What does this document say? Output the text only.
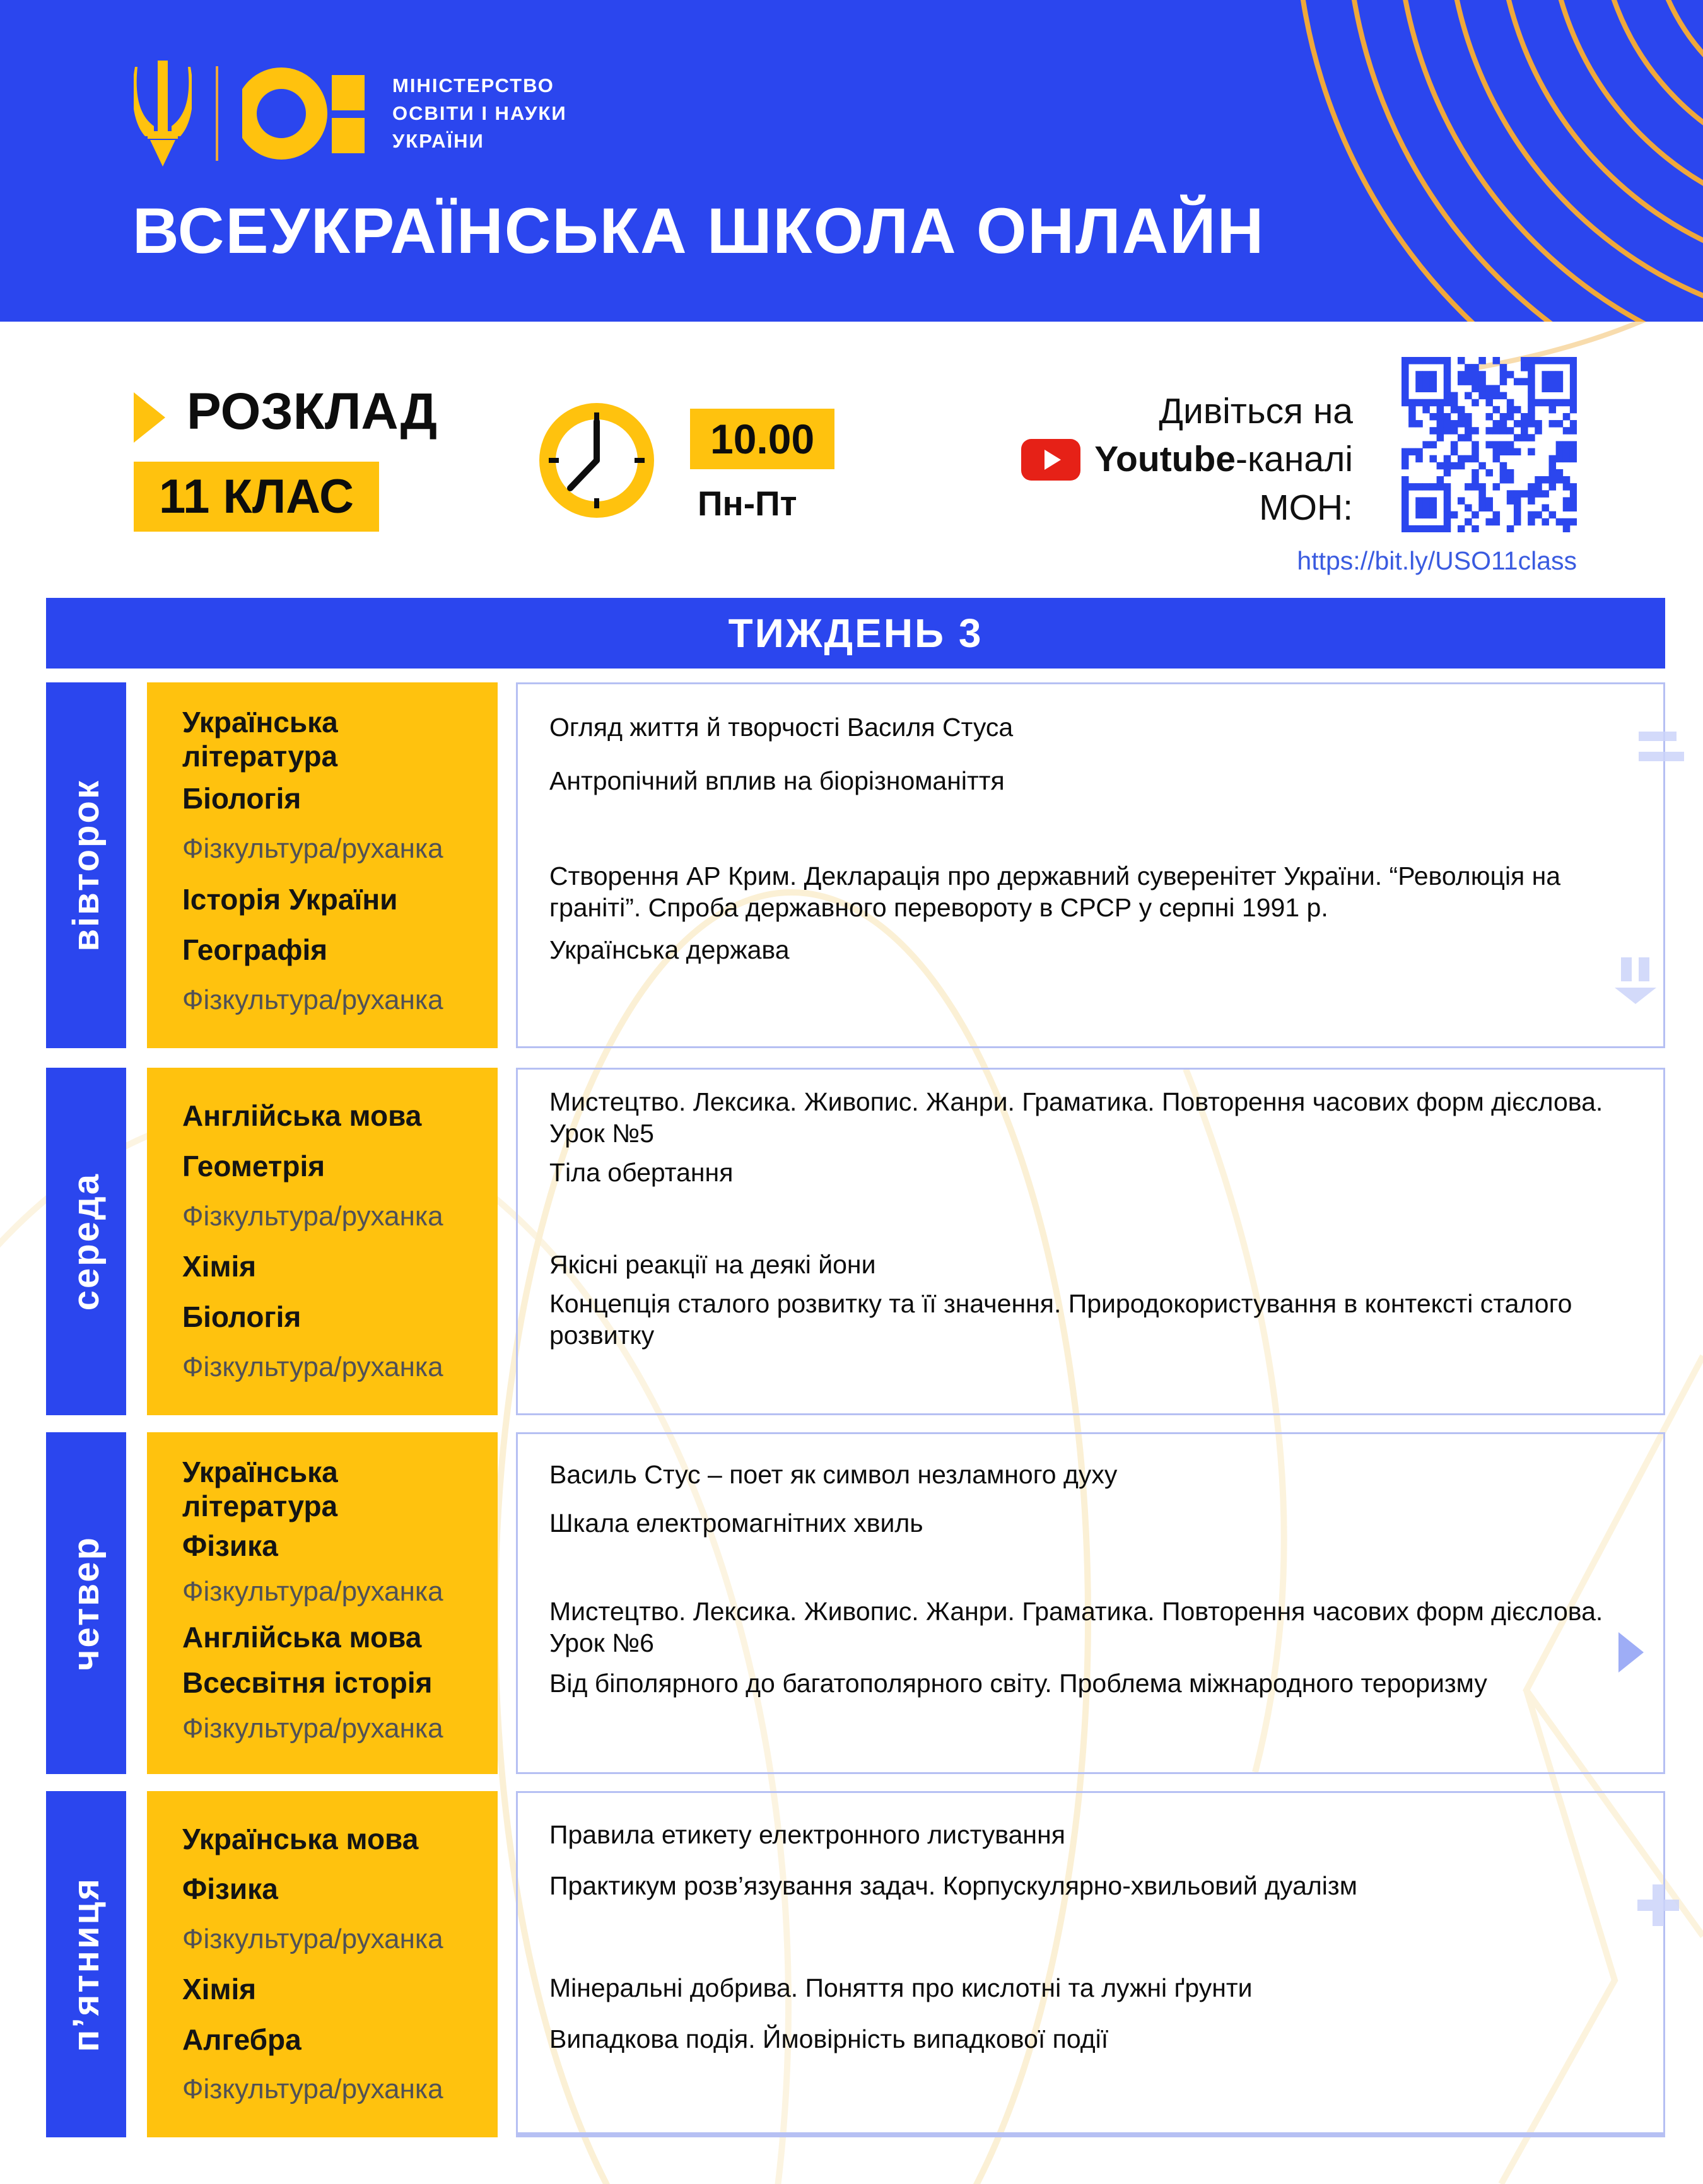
МІНІСТЕРСТВО
ОСВІТИ І НАУКИ
УКРАЇНИ
ВСЕУКРАЇНСЬКА ШКОЛА ОНЛАЙН
РОЗКЛАД
11 КЛАС
10.00
Пн-Пт
Дивіться на
Youtube-каналі
МОН:
https://bit.ly/USO11class
ТИЖДЕНЬ 3
вівторок
Українська література
Біологія
Фізкультура/руханка
Історія України
Географія
Фізкультура/руханка
Огляд життя й творчості Василя Стуса
Антропічний вплив на біорізноманіття
Створення АР Крим. Декларація про державний суверенітет України. “Революція на граніті”. Спроба державного перевороту в СРСР у серпні 1991 р.
Українська держава
середа
Англійська мова
Геометрія
Фізкультура/руханка
Хімія
Біологія
Фізкультура/руханка
Мистецтво. Лексика. Живопис. Жанри. Граматика. Повторення часових форм дієслова. Урок №5
Тіла обертання
Якісні реакції на деякі йони
Концепція сталого розвитку та її значення. Природокористування в контексті сталого розвитку
четвер
Українська література
Фізика
Фізкультура/руханка
Англійська мова
Всесвітня історія
Фізкультура/руханка
Василь Стус – поет як символ незламного духу
Шкала електромагнітних хвиль
Мистецтво. Лексика. Живопис. Жанри. Граматика. Повторення часових форм дієслова. Урок №6
Від біполярного до багатополярного світу. Проблема міжнародного тероризму
п’ятниця
Українська мова
Фізика
Фізкультура/руханка
Хімія
Алгебра
Фізкультура/руханка
Правила етикету електронного листування
Практикум розв’язування задач. Корпускулярно-хвильовий дуалізм
Мінеральні добрива. Поняття про кислотні та лужні ґрунти
Випадкова подія. Ймовірність випадкової події
